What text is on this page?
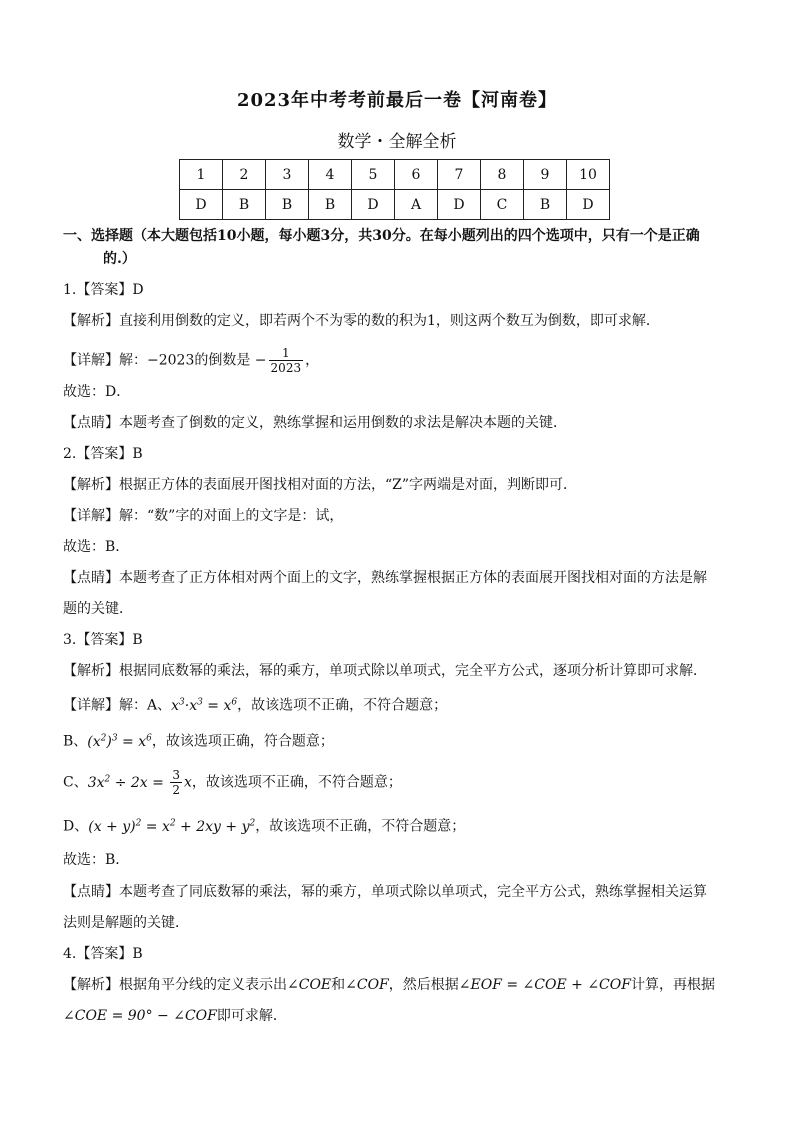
2023年中考考前最后一卷【河南卷】
数学・全解全析
1	2	3	4	5	6	7	8	9	10
D	B	B	B	D	A	D	C	B	D
一、选择题（本大题包括10小题，每小题3分，共30分。在每小题列出的四个选项中，只有一个是正确
的.）
1.【答案】D
【解析】直接利用倒数的定义，即若两个不为零的数的积为1，则这两个数互为倒数，即可求解．
【详解】解：−2023的倒数是 − $\frac{1}{2023}$ ，
故选：D．
【点睛】本题考查了倒数的定义，熟练掌握和运用倒数的求法是解决本题的关键．
2.【答案】B
【解析】根据正方体的表面展开图找相对面的方法，“Z”字两端是对面，判断即可．
【详解】解：“数”字的对面上的文字是：试，
故选：B．
【点睛】本题考查了正方体相对两个面上的文字，熟练掌握根据正方体的表面展开图找相对面的方法是解
题的关键．
3.【答案】B
【解析】根据同底数幂的乘法，幂的乘方，单项式除以单项式，完全平方公式，逐项分析计算即可求解．
【详解】解：A、$x^3\cdot x^3 = x^6$，故该选项不正确，不符合题意；
B、$(x^2)^3 = x^6$，故该选项正确，符合题意；
C、$3x^2 \div 2x = \frac{3}{2}$ x，故该选项不正确，不符合题意；
D、$(x + y)^2 = x^2 + 2xy + y^2$，故该选项不正确，不符合题意；
故选：B．
【点睛】本题考查了同底数幂的乘法，幂的乘方，单项式除以单项式，完全平方公式，熟练掌握相关运算
法则是解题的关键．
4.【答案】B
【解析】根据角平分线的定义表示出∠COE和∠COF，然后根据∠EOF = ∠COE + ∠COF计算，再根据
∠COE = 90° − ∠COF即可求解．
